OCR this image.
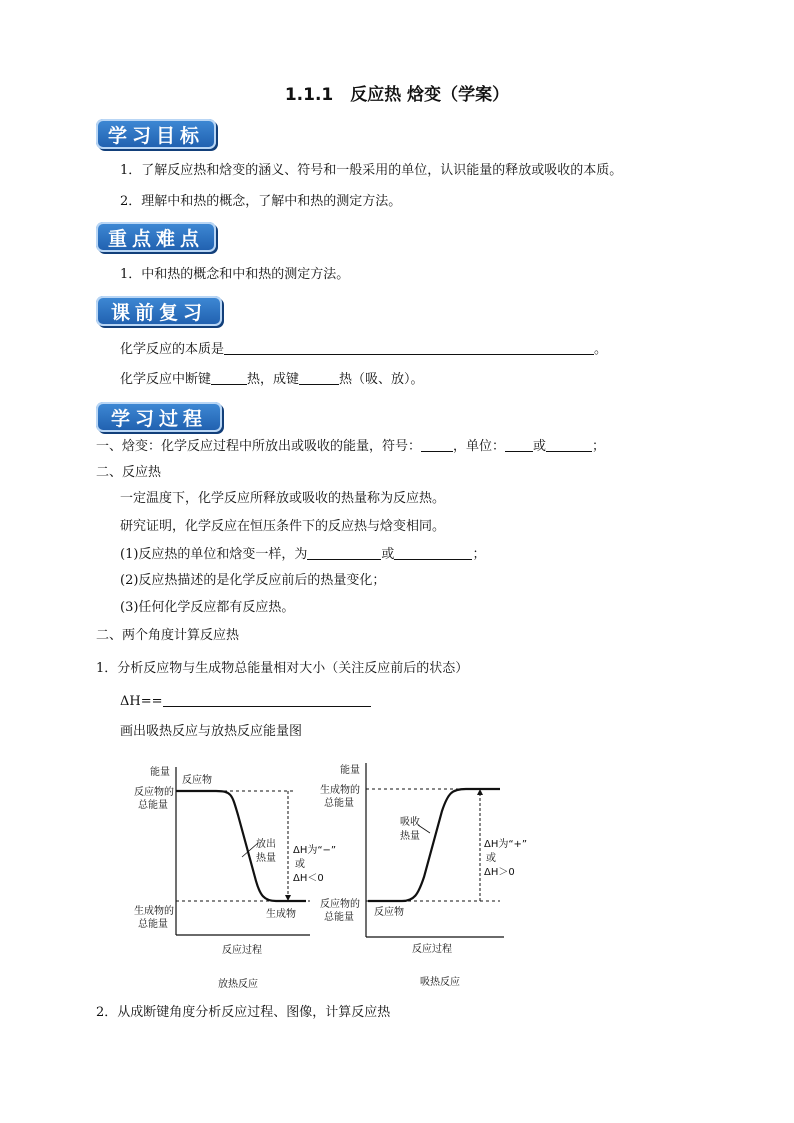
1.1.1　反应热 焓变（学案）
学习目标
1．了解反应热和焓变的涵义、符号和一般采用的单位，认识能量的释放或吸收的本质。
2．理解中和热的概念，了解中和热的测定方法。
重点难点
1．中和热的概念和中和热的测定方法。
课前复习
化学反应的本质是	。
化学反应中断键	热，成键	热（吸、放）。
学习过程
一、焓变：化学反应过程中所放出或吸收的能量，符号： ，单位： 或	；
二、反应热
一定温度下，化学反应所释放或吸收的热量称为反应热。
研究证明，化学反应在恒压条件下的反应热与焓变相同。
(1)反应热的单位和焓变一样，为	或	；
(2)反应热描述的是化学反应前后的热量变化；
(3)任何化学反应都有反应热。
二、两个角度计算反应热
1．分析反应物与生成物总能量相对大小（关注反应前后的状态）
ΔH==
画出吸热反应与放热反应能量图
能量
反应物的
总能量
反应物
放出
热量
ΔH为“−”
或
ΔH＜0
生成物的
总能量
生成物
反应过程
放热反应
能量
生成物的
总能量
吸收
热量
ΔH为“+”
或
ΔH＞0
反应物的
总能量 反应物
反应过程
吸热反应
2．从成断键角度分析反应过程、图像，计算反应热
